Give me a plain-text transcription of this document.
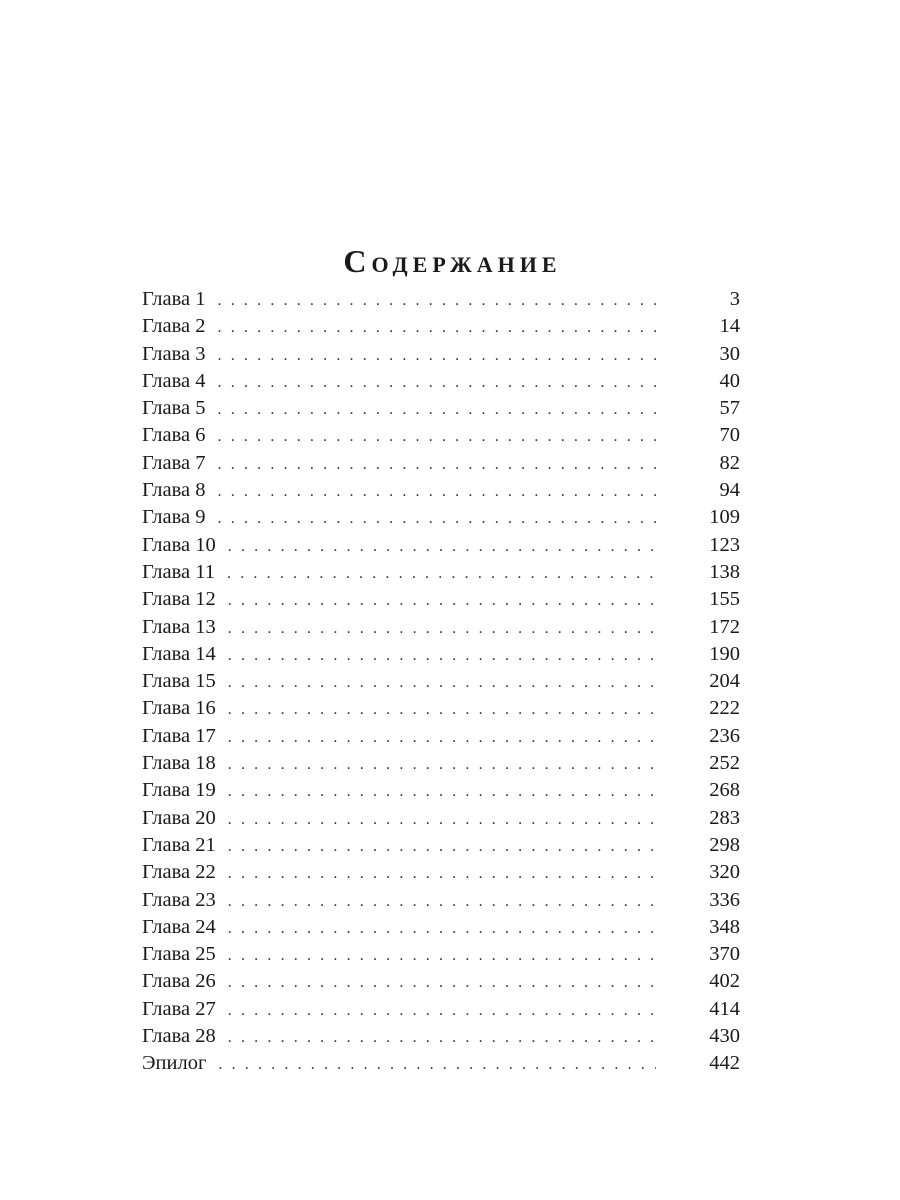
Содержание
Глава 1 . . .	3
Глава 2 . . .	14
Глава 3 . . .	30
Глава 4 . . .	40
Глава 5 . . .	57
Глава 6 . . .	70
Глава 7 . . .	82
Глава 8 . . .	94
Глава 9 . . .	109
Глава 10 . . .	123
Глава 11 . . .	138
Глава 12 . . .	155
Глава 13 . . .	172
Глава 14 . . .	190
Глава 15 . . .	204
Глава 16 . . .	222
Глава 17 . . .	236
Глава 18 . . .	252
Глава 19 . . .	268
Глава 20 . . .	283
Глава 21 . . .	298
Глава 22 . . .	320
Глава 23 . . .	336
Глава 24 . . .	348
Глава 25 . . .	370
Глава 26 . . .	402
Глава 27 . . .	414
Глава 28 . . .	430
Эпилог . . .	442
